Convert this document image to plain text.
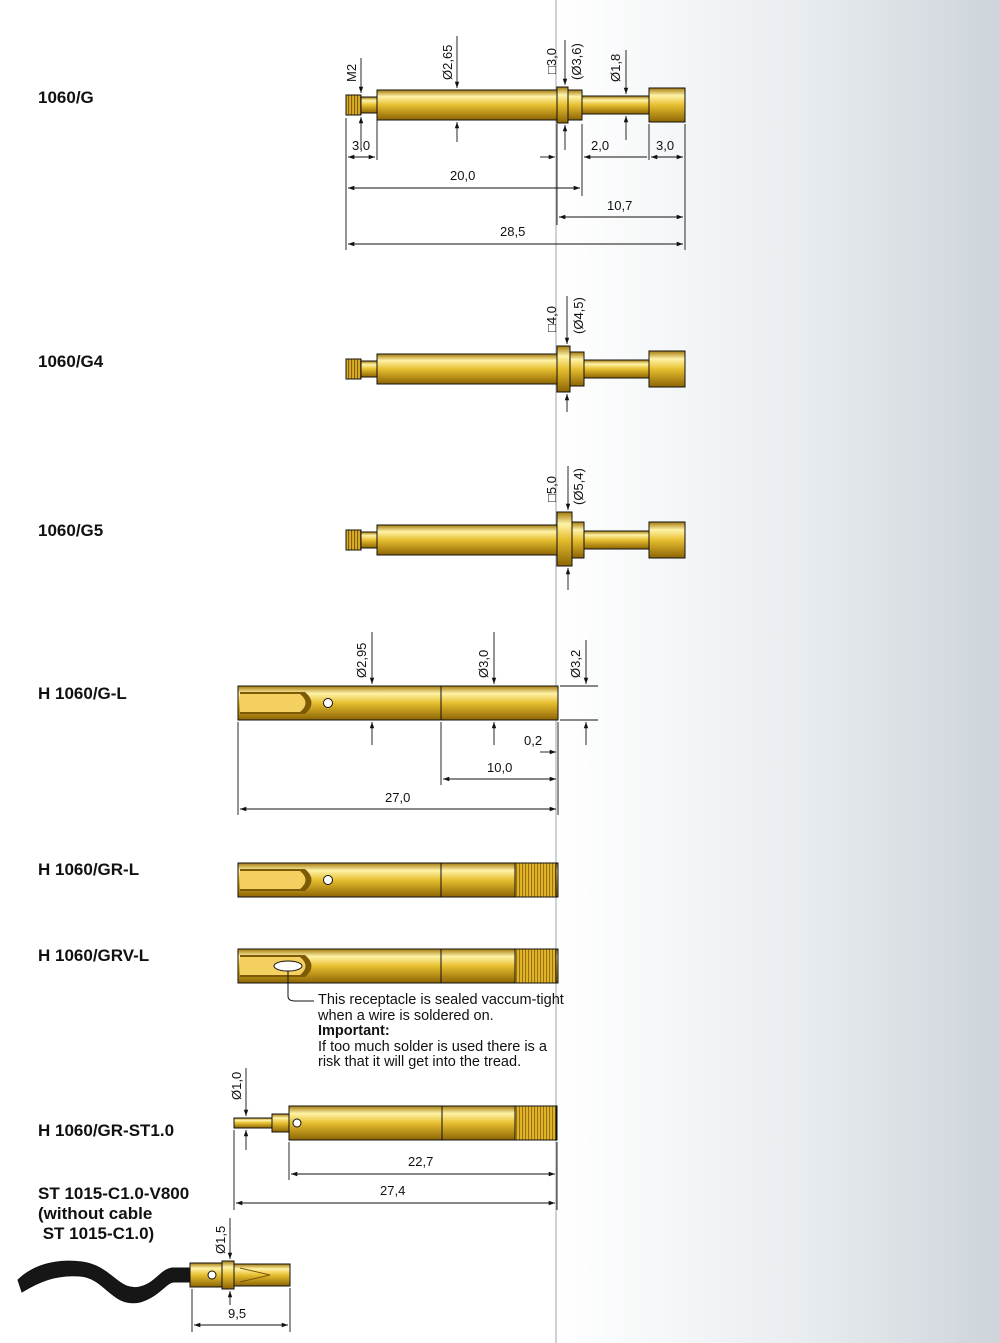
M2	Ø2,65	□3,0 (Ø3,6) Ø1,8
3,0	2,0	3,0
20,0
10,7
28,5
□4,0 (Ø4,5)
□5,0 (Ø5,4)
Ø2,95	Ø3,0	Ø3,2
0,2
10,0
27,0
Ø1,0
22,7
27,4
Ø1,5
9,5
1060/G
1060/G4
1060/G5
H 1060/G-L
H 1060/GR-L
H 1060/GRV-L
H 1060/GR-ST1.0
ST 1015-C1.0-V800
(without cable
ST 1015-C1.0)
This receptacle is sealed vaccum-tight
when a wire is soldered on.
Important:
If too much solder is used there is a
risk that it will get into the tread.
